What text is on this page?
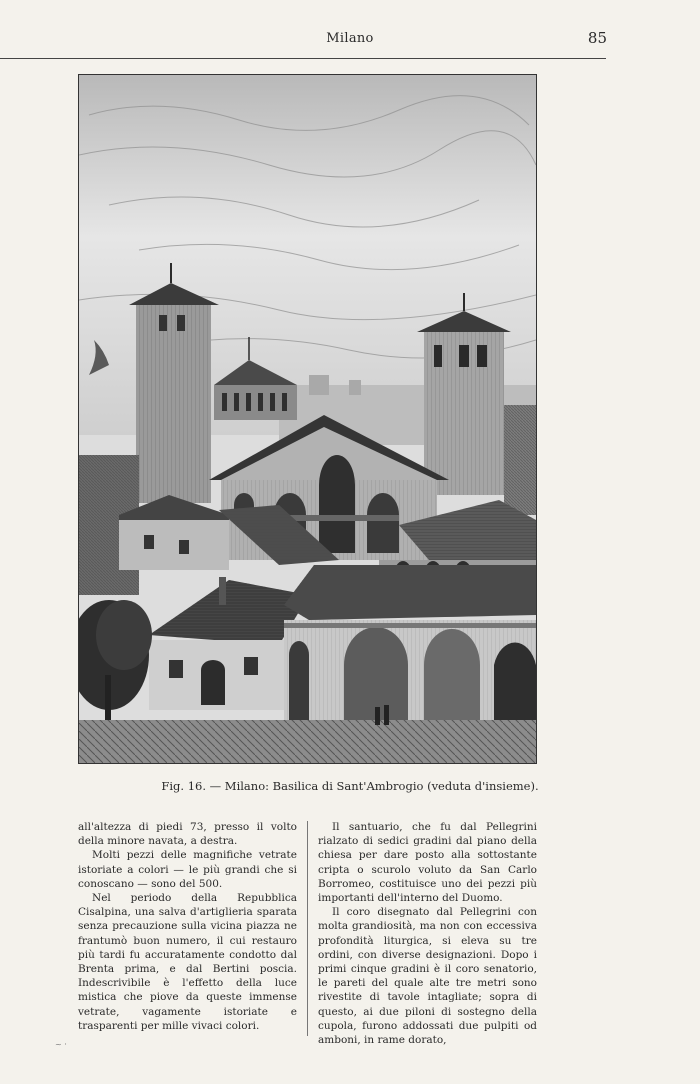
Milano	85
Fig. 16. — Milano: Basilica di Sant'Ambrogio (veduta d'insieme).

all'altezza di piedi 73, presso il volto della minore navata, a destra.

Molti pezzi delle magnifiche vetrate istoriate a colori — le più grandi che si conoscano — sono del 500.

Nel periodo della Repubblica Cisalpina, una salva d'artiglieria sparata senza precauzione sulla vicina piazza ne frantumò buon numero, il cui restauro più tardi fu accuratamente condotto dal Brenta prima, e dal Bertini poscia. Indescrivibile è l'effetto della luce mistica che piove da queste immense vetrate, vagamente istoriate e trasparenti per mille vivaci colori.

Il santuario, che fu dal Pellegrini rialzato di sedici gradini dal piano della chiesa per dare posto alla sottostante cripta o scurolo voluto da San Carlo Borromeo, costituisce uno dei pezzi più importanti dell'interno del Duomo.

Il coro disegnato dal Pellegrini con molta grandiosità, ma non con eccessiva profondità liturgica, si eleva su tre ordini, con diverse designazioni. Dopo i primi cinque gradini è il coro senatorio, le pareti del quale alte tre metri sono rivestite di tavole intagliate; sopra di questo, ai due piloni di sostegno della cupola, furono addossati due pulpiti od amboni, in rame dorato,

~ ·
